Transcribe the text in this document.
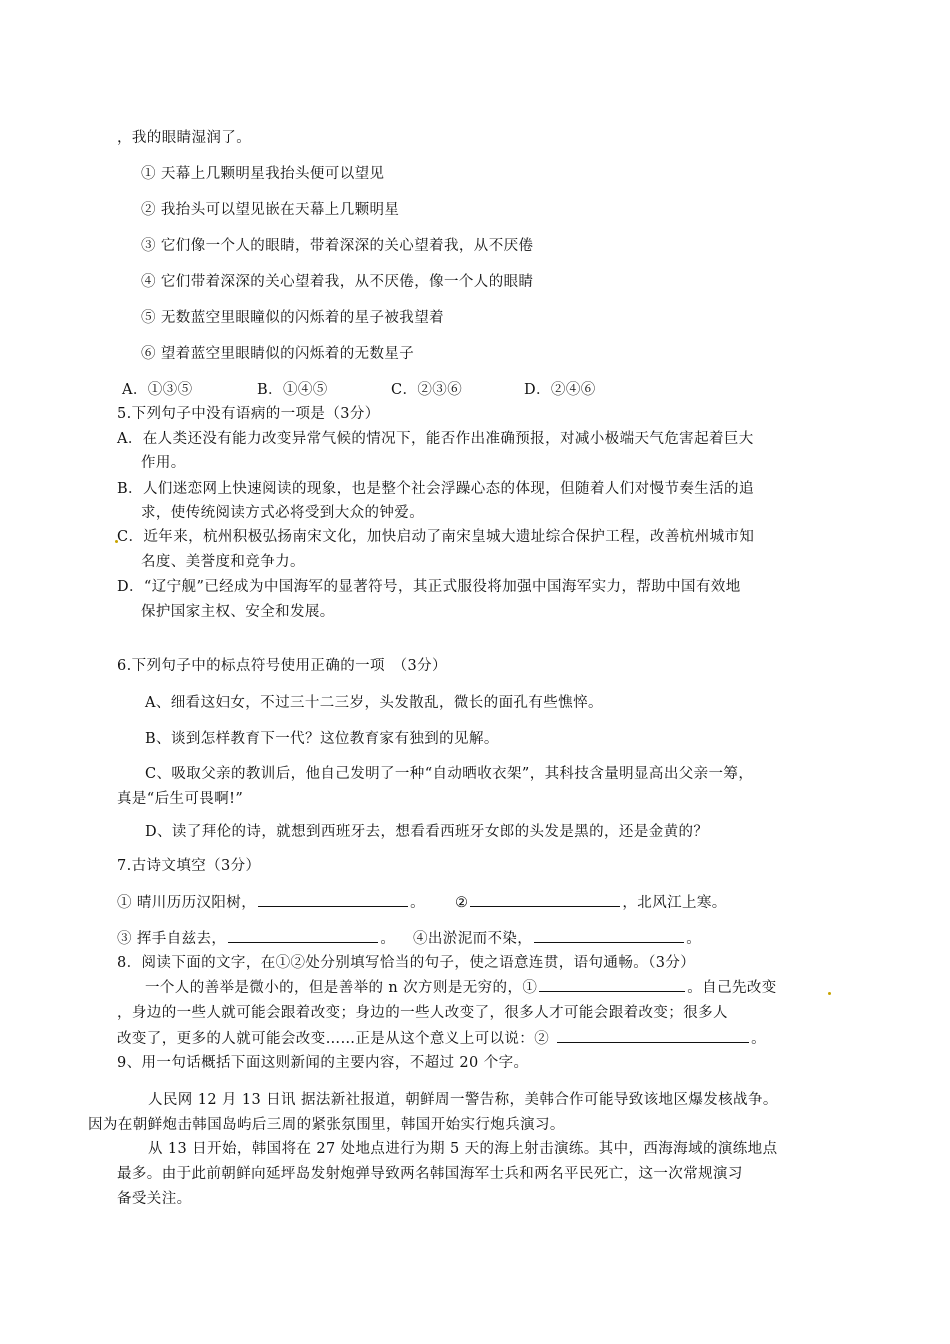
，我的眼睛湿润了。
① 天幕上几颗明星我抬头便可以望见
② 我抬头可以望见嵌在天幕上几颗明星
③ 它们像一个人的眼睛，带着深深的关心望着我，从不厌倦
④ 它们带着深深的关心望着我，从不厌倦，像一个人的眼睛
⑤ 无数蓝空里眼瞳似的闪烁着的星子被我望着
⑥ 望着蓝空里眼睛似的闪烁着的无数星子
A．①③⑤	B．①④⑤	C．②③⑥	D．②④⑥
5.下列句子中没有语病的一项是（3分）
A．在人类还没有能力改变异常气候的情况下，能否作出准确预报，对减小极端天气危害起着巨大
作用。
B．人们迷恋网上快速阅读的现象，也是整个社会浮躁心态的体现，但随着人们对慢节奏生活的追
求，使传统阅读方式必将受到大众的钟爱。
C．近年来，杭州积极弘扬南宋文化，加快启动了南宋皇城大遗址综合保护工程，改善杭州城市知
名度、美誉度和竞争力。
D．“辽宁舰”已经成为中国海军的显著符号，其正式服役将加强中国海军实力，帮助中国有效地
保护国家主权、安全和发展。
6.下列句子中的标点符号使用正确的一项　（3分）
A、细看这妇女，不过三十二三岁，头发散乱，微长的面孔有些憔悴。
B、谈到怎样教育下一代？这位教育家有独到的见解。
C、吸取父亲的教训后，他自己发明了一种“自动晒收衣架”，其科技含量明显高出父亲一筹，
真是“后生可畏啊!”
D、读了拜伦的诗，就想到西班牙去，想看看西班牙女郎的头发是黑的，还是金黄的？
7.古诗文填空（3分）
① 晴川历历汉阳树，	。 ②	，北风江上寒。
③ 挥手自兹去，	。 ④出淤泥而不染，	。
8．阅读下面的文字，在①②处分别填写恰当的句子，使之语意连贯，语句通畅。（3分）
一个人的善举是微小的，但是善举的 n 次方则是无穷的，①	。自己先改变
，身边的一些人就可能会跟着改变；身边的一些人改变了，很多人才可能会跟着改变；很多人
改变了，更多的人就可能会改变……正是从这个意义上可以说：②	。
9、用一句话概括下面这则新闻的主要内容，不超过 20 个字。
人民网 12 月 13 日讯 据法新社报道，朝鲜周一警告称，美韩合作可能导致该地区爆发核战争。
因为在朝鲜炮击韩国岛屿后三周的紧张氛围里，韩国开始实行炮兵演习。
从 13 日开始，韩国将在 27 处地点进行为期 5 天的海上射击演练。其中，西海海域的演练地点
最多。由于此前朝鲜向延坪岛发射炮弹导致两名韩国海军士兵和两名平民死亡，这一次常规演习
备受关注。
